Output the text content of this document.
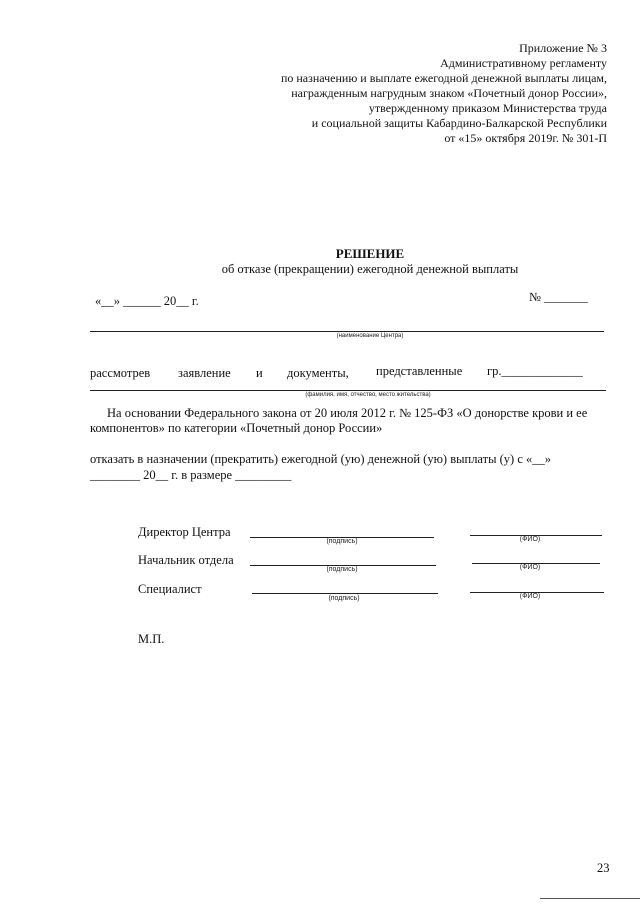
Приложение № 3
Административному регламенту
по назначению и выплате ежегодной денежной выплаты лицам,
награжденным нагрудным знаком «Почетный донор России»,
утвержденному приказом Министерства труда
и социальной защиты Кабардино-Балкарской Республики
от «15» октября 2019г. № 301-П
РЕШЕНИЕ
об отказе (прекращении) ежегодной денежной выплаты
«__» ______ 20__ г.	№ _______
(наименование Центра)
рассмотрев заявление и документы, представленные гр._____________
(фамилия, имя, отчество, место жительства)
На основании Федерального закона от 20 июля 2012 г. № 125-ФЗ «О донорстве крови и ее
компонентов» по категории «Почетный донор России»
отказать в назначении (прекратить) ежегодной (ую) денежной (ую) выплаты (у) с «__»
________ 20__ г. в размере _________
Директор Центра
(подпись)	(ФИО)
Начальник отдела
(подпись)	(ФИО)
Специалист
(подпись)	(ФИО)
М.П.
23
